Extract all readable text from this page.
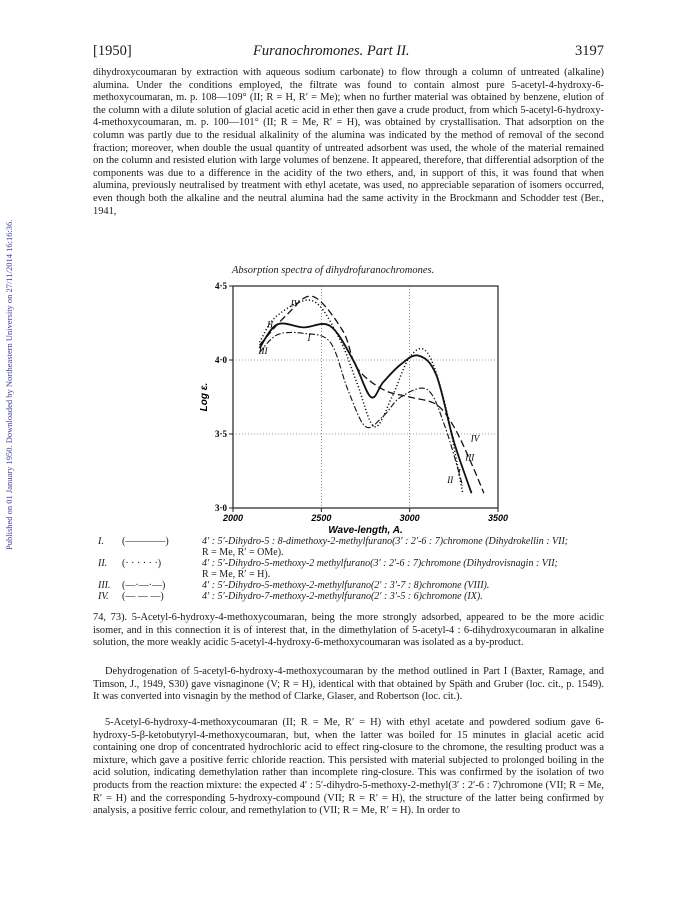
Published on 01 January 1950. Downloaded by Northeastern University on 27/11/2014 16:16:36.
[1950]	Furanochromones. Part II.	3197
dihydroxycoumaran by extraction with aqueous sodium carbonate) to flow through a column of untreated (alkaline) alumina. Under the conditions employed, the filtrate was found to contain almost pure 5-acetyl-4-hydroxy-6-methoxycoumaran, m. p. 108—109° (II; R = H, R′ = Me); when no further material was obtained by benzene, elution of the column with a dilute solution of glacial acetic acid in ether then gave a crude product, from which 5-acetyl-6-hydroxy-4-methoxycoumaran, m. p. 100—101° (II; R = Me, R′ = H), was obtained by crystallisation. That adsorption on the column was partly due to the residual alkalinity of the alumina was indicated by the method of removal of the second fraction; moreover, when double the usual quantity of untreated adsorbent was used, the whole of the material remained on the column and resisted elution with large volumes of benzene. It appeared, therefore, that differential adsorption of the components was due to a difference in the acidity of the two ethers, and, in support of this, it was found that when alumina, previously neutralised by treatment with ethyl acetate, was used, no appreciable separation of isomers occurred, even though both the alkaline and the neutral alumina had the same activity in the Brockmann and Schodder test (Ber., 1941,
Absorption spectra of dihydrofuranochromones.
3·0
3·5
4·0
4·5
2000	2500	3000	3500
Wave-length, A.
Log ε.
I
II
III
IV
I
II
III
IV
I.	(————)	4′ : 5′-Dihydro-5 : 8-dimethoxy-2-methylfurano(3′ : 2′-6 : 7)chromone (Dihydrokellin : VII;
R = Me, R′ = OMe).
II.	(· · · · · ·)	4′ : 5′-Dihydro-5-methoxy-2 methylfurano(3′ : 2′-6 : 7)chromone (Dihydrovisnagin : VII;
R = Me, R′ = H).
III.	(—·—·—)	4′ : 5′-Dihydro-5-methoxy-2-methylfurano(2′ : 3′-7 : 8)chromone (VIII).
IV.	(— — —)	4′ : 5′-Dihydro-7-methoxy-2-methylfurano(2′ : 3′-5 : 6)chromone (IX).
74, 73). 5-Acetyl-6-hydroxy-4-methoxycoumaran, being the more strongly adsorbed, appeared to be the more acidic isomer, and in this connection it is of interest that, in the dimethylation of 5-acetyl-4 : 6-dihydroxycoumaran in alkaline solution, the more weakly acidic 5-acetyl-4-hydroxy-6-methoxycoumaran was isolated as a by-product.
Dehydrogenation of 5-acetyl-6-hydroxy-4-methoxycoumaran by the method outlined in Part I (Baxter, Ramage, and Timson, J., 1949, S30) gave visnaginone (V; R = H), identical with that obtained by Späth and Gruber (loc. cit., p. 1549). It was converted into visnagin by the method of Clarke, Glaser, and Robertson (loc. cit.).
5-Acetyl-6-hydroxy-4-methoxycoumaran (II; R = Me, R′ = H) with ethyl acetate and powdered sodium gave 6-hydroxy-5-β-ketobutyryl-4-methoxycoumaran, but, when the latter was boiled for 15 minutes in glacial acetic acid containing one drop of concentrated hydrochloric acid to effect ring-closure to the chromone, the resulting product was a mixture, which gave a positive ferric chloride reaction. This persisted with material subjected to prolonged boiling in the acid solution, indicating demethylation rather than incomplete ring-closure. This was confirmed by the isolation of two products from the reaction mixture: the expected 4′ : 5′-dihydro-5-methoxy-2-methyl(3′ : 2′-6 : 7)chromone (VII; R = Me, R′ = H) and the corresponding 5-hydroxy-compound (VII; R = R′ = H), the structure of the latter being confirmed by analysis, a positive ferric colour, and remethylation to (VII; R = Me, R′ = H). In order to
